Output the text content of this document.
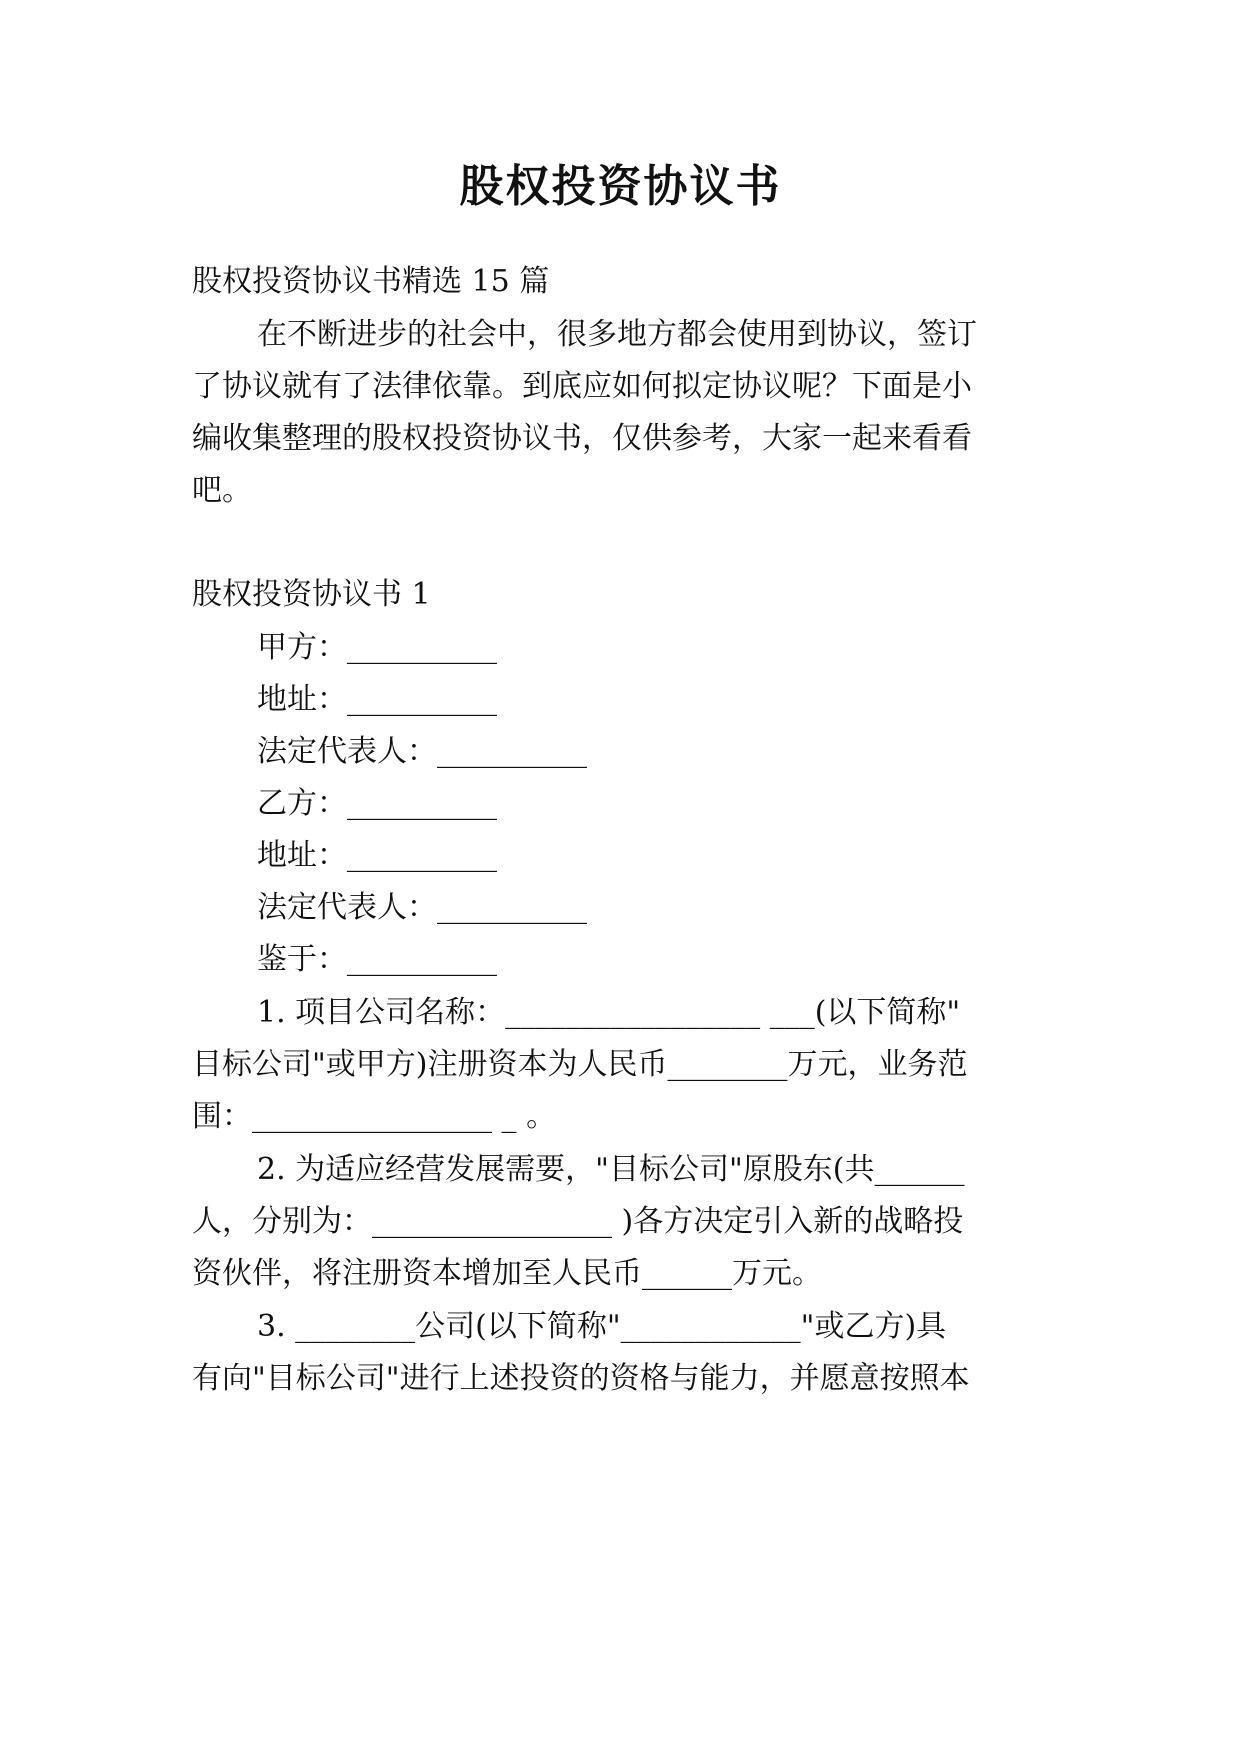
股权投资协议书
股权投资协议书精选 15 篇
在不断进步的社会中，很多地方都会使用到协议，签订
了协议就有了法律依靠。到底应如何拟定协议呢？下面是小
编收集整理的股权投资协议书，仅供参考，大家一起来看看
吧。
股权投资协议书 1
甲方：__________
地址：__________
法定代表人：__________
乙方：__________
地址：__________
法定代表人：__________
鉴于：__________
1. 项目公司名称：_________________ ___(以下简称"
目标公司"或甲方)注册资本为人民币________万元，业务范
围：________________ _ 。
2. 为适应经营发展需要，"目标公司"原股东(共______
人，分别为：________________ )各方决定引入新的战略投
资伙伴，将注册资本增加至人民币______万元。
3. ________公司(以下简称"____________"或乙方)具
有向"目标公司"进行上述投资的资格与能力，并愿意按照本
